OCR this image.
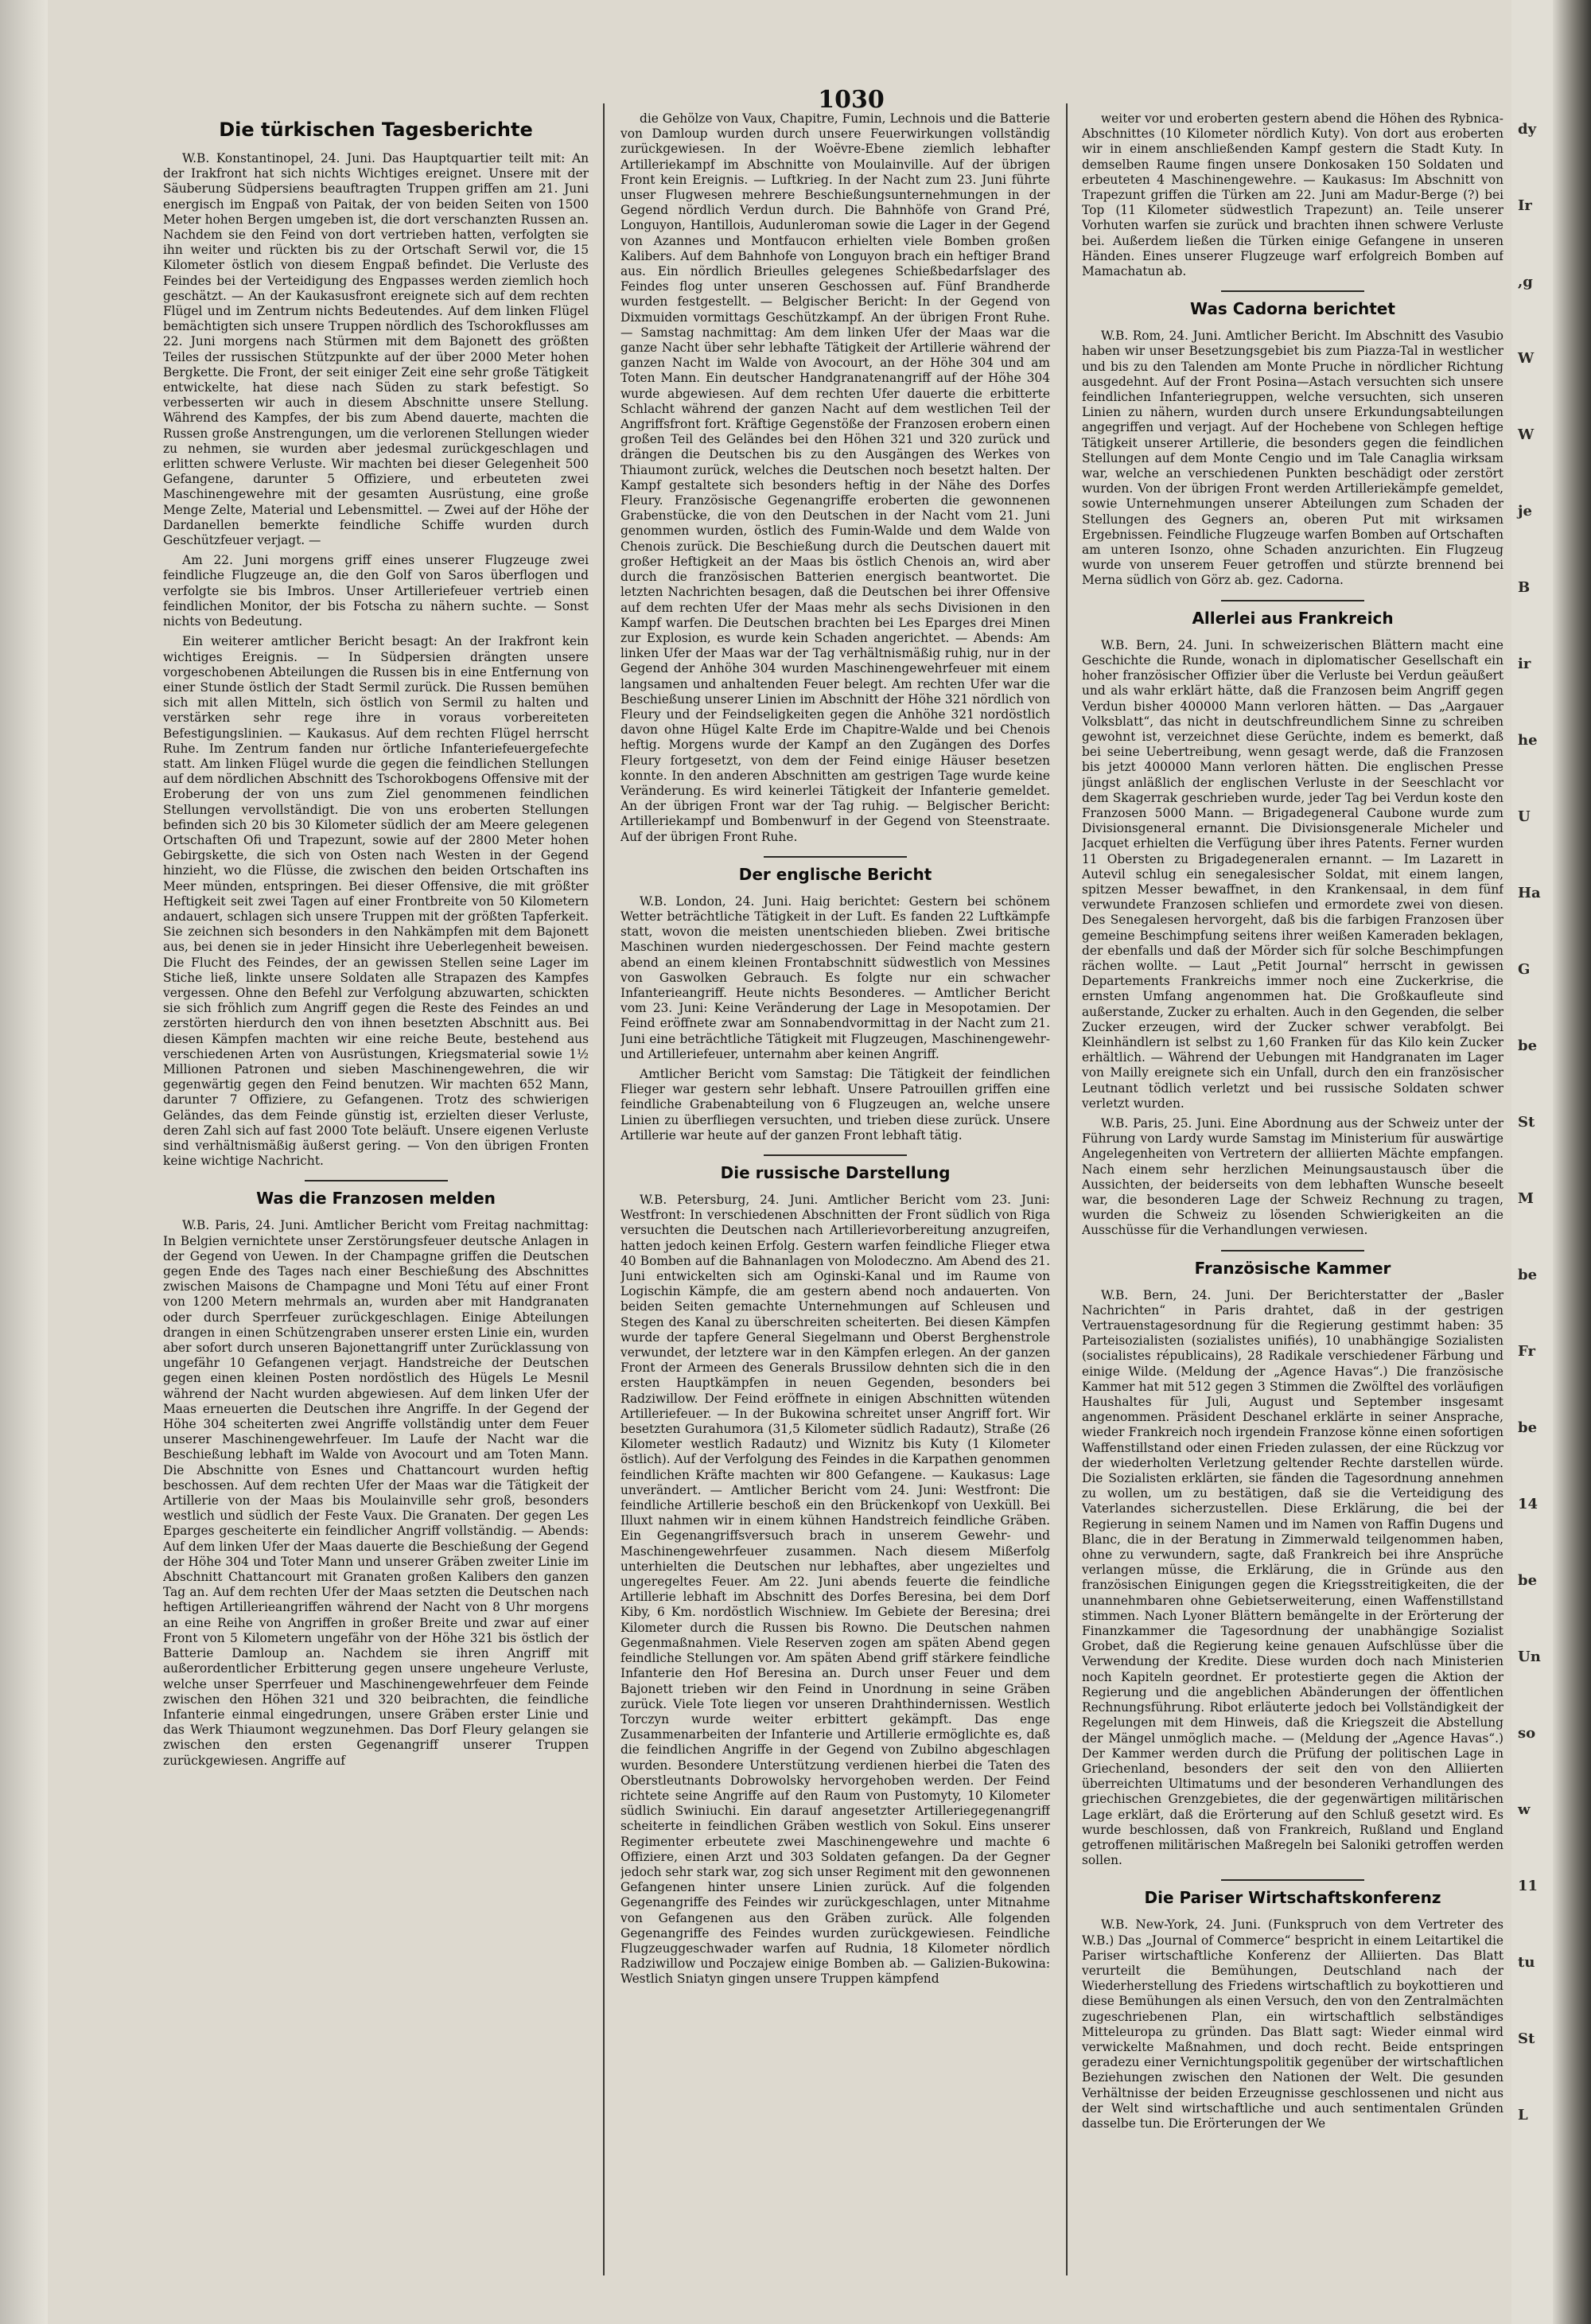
1030
Die türkischen Tagesberichte

W.B. Konstantinopel, 24. Juni. Das Hauptquartier teilt mit: An der Irakfront hat sich nichts Wichtiges ereignet. Unsere mit der Säuberung Südpersiens beauftragten Truppen griffen am 21. Juni energisch im Engpaß von Paitak, der von beiden Seiten von 1500 Meter hohen Bergen umgeben ist, die dort verschanzten Russen an. Nachdem sie den Feind von dort vertrieben hatten, verfolgten sie ihn weiter und rückten bis zu der Ortschaft Serwil vor, die 15 Kilometer östlich von diesem Engpaß befindet. Die Verluste des Feindes bei der Verteidigung des Engpasses werden ziemlich hoch geschätzt. — An der Kaukasusfront ereignete sich auf dem rechten Flügel und im Zentrum nichts Bedeutendes. Auf dem linken Flügel bemächtigten sich unsere Truppen nördlich des Tschorokflusses am 22. Juni morgens nach Stürmen mit dem Bajonett des größten Teiles der russischen Stützpunkte auf der über 2000 Meter hohen Bergkette. Die Front, der seit einiger Zeit eine sehr große Tätigkeit entwickelte, hat diese nach Süden zu stark befestigt. So verbesserten wir auch in diesem Abschnitte unsere Stellung. Während des Kampfes, der bis zum Abend dauerte, machten die Russen große Anstrengungen, um die verlorenen Stellungen wieder zu nehmen, sie wurden aber jedesmal zurückgeschlagen und erlitten schwere Verluste. Wir machten bei dieser Gelegenheit 500 Gefangene, darunter 5 Offiziere, und erbeuteten zwei Maschinengewehre mit der gesamten Ausrüstung, eine große Menge Zelte, Material und Lebensmittel. — Zwei auf der Höhe der Dardanellen bemerkte feindliche Schiffe wurden durch Geschützfeuer verjagt. —

Am 22. Juni morgens griff eines unserer Flugzeuge zwei feindliche Flugzeuge an, die den Golf von Saros überflogen und verfolgte sie bis Imbros. Unser Artilleriefeuer vertrieb einen feindlichen Monitor, der bis Fotscha zu nähern suchte. — Sonst nichts von Bedeutung.

Ein weiterer amtlicher Bericht besagt: An der Irakfront kein wichtiges Ereignis. — In Südpersien drängten unsere vorgeschobenen Abteilungen die Russen bis in eine Entfernung von einer Stunde östlich der Stadt Sermil zurück. Die Russen bemühen sich mit allen Mitteln, sich östlich von Sermil zu halten und verstärken sehr rege ihre in voraus vorbereiteten Befestigungslinien. — Kaukasus. Auf dem rechten Flügel herrscht Ruhe. Im Zentrum fanden nur örtliche Infanteriefeuergefechte statt. Am linken Flügel wurde die gegen die feindlichen Stellungen auf dem nördlichen Abschnitt des Tschorokbogens Offensive mit der Eroberung der von uns zum Ziel genommenen feindlichen Stellungen vervollständigt. Die von uns eroberten Stellungen befinden sich 20 bis 30 Kilometer südlich der am Meere gelegenen Ortschaften Ofi und Trapezunt, sowie auf der 2800 Meter hohen Gebirgskette, die sich von Osten nach Westen in der Gegend hinzieht, wo die Flüsse, die zwischen den beiden Ortschaften ins Meer münden, entspringen. Bei dieser Offensive, die mit größter Heftigkeit seit zwei Tagen auf einer Frontbreite von 50 Kilometern andauert, schlagen sich unsere Truppen mit der größten Tapferkeit. Sie zeichnen sich besonders in den Nahkämpfen mit dem Bajonett aus, bei denen sie in jeder Hinsicht ihre Ueberlegenheit beweisen. Die Flucht des Feindes, der an gewissen Stellen seine Lager im Stiche ließ, linkte unsere Soldaten alle Strapazen des Kampfes vergessen. Ohne den Befehl zur Verfolgung abzuwarten, schickten sie sich fröhlich zum Angriff gegen die Reste des Feindes an und zerstörten hierdurch den von ihnen besetzten Abschnitt aus. Bei diesen Kämpfen machten wir eine reiche Beute, bestehend aus verschiedenen Arten von Ausrüstungen, Kriegsmaterial sowie 1½ Millionen Patronen und sieben Maschinengewehren, die wir gegenwärtig gegen den Feind benutzen. Wir machten 652 Mann, darunter 7 Offiziere, zu Gefangenen. Trotz des schwierigen Geländes, das dem Feinde günstig ist, erzielten dieser Verluste, deren Zahl sich auf fast 2000 Tote beläuft. Unsere eigenen Verluste sind verhältnismäßig äußerst gering. — Von den übrigen Fronten keine wichtige Nachricht.

Was die Franzosen melden

W.B. Paris, 24. Juni. Amtlicher Bericht vom Freitag nachmittag: In Belgien vernichtete unser Zerstörungsfeuer deutsche Anlagen in der Gegend von Uewen. In der Champagne griffen die Deutschen gegen Ende des Tages nach einer Beschießung des Abschnittes zwischen Maisons de Champagne und Moni Tétu auf einer Front von 1200 Metern mehrmals an, wurden aber mit Handgranaten oder durch Sperrfeuer zurückgeschlagen. Einige Abteilungen drangen in einen Schützengraben unserer ersten Linie ein, wurden aber sofort durch unseren Bajonettangriff unter Zurücklassung von ungefähr 10 Gefangenen verjagt. Handstreiche der Deutschen gegen einen kleinen Posten nordöstlich des Hügels Le Mesnil während der Nacht wurden abgewiesen. Auf dem linken Ufer der Maas erneuerten die Deutschen ihre Angriffe. In der Gegend der Höhe 304 scheiterten zwei Angriffe vollständig unter dem Feuer unserer Maschinengewehrfeuer. Im Laufe der Nacht war die Beschießung lebhaft im Walde von Avocourt und am Toten Mann. Die Abschnitte von Esnes und Chattancourt wurden heftig beschossen. Auf dem rechten Ufer der Maas war die Tätigkeit der Artillerie von der Maas bis Moulainville sehr groß, besonders westlich und südlich der Feste Vaux. Die Granaten. Der gegen Les Eparges gescheiterte ein feindlicher Angriff vollständig. — Abends: Auf dem linken Ufer der Maas dauerte die Beschießung der Gegend der Höhe 304 und Toter Mann und unserer Gräben zweiter Linie im Abschnitt Chattancourt mit Granaten großen Kalibers den ganzen Tag an. Auf dem rechten Ufer der Maas setzten die Deutschen nach heftigen Artillerieangriffen während der Nacht von 8 Uhr morgens an eine Reihe von Angriffen in großer Breite und zwar auf einer Front von 5 Kilometern ungefähr von der Höhe 321 bis östlich der Batterie Damloup an. Nachdem sie ihren Angriff mit außerordentlicher Erbitterung gegen unsere ungeheure Verluste, welche unser Sperrfeuer und Maschinengewehrfeuer dem Feinde zwischen den Höhen 321 und 320 beibrachten, die feindliche Infanterie einmal eingedrungen, unsere Gräben erster Linie und das Werk Thiaumont wegzunehmen. Das Dorf Fleury gelangen sie zwischen den ersten Gegenangriff unserer Truppen zurückgewiesen. Angriffe auf

die Gehölze von Vaux, Chapitre, Fumin, Lechnois und die Batterie von Damloup wurden durch unsere Feuerwirkungen vollständig zurückgewiesen. In der Woëvre-Ebene ziemlich lebhafter Artilleriekampf im Abschnitte von Moulainville. Auf der übrigen Front kein Ereignis. — Luftkrieg. In der Nacht zum 23. Juni führte unser Flugwesen mehrere Beschießungsunternehmungen in der Gegend nördlich Verdun durch. Die Bahnhöfe von Grand Pré, Longuyon, Hantillois, Audunleroman sowie die Lager in der Gegend von Azannes und Montfaucon erhielten viele Bomben großen Kalibers. Auf dem Bahnhofe von Longuyon brach ein heftiger Brand aus. Ein nördlich Brieulles gelegenes Schießbedarfslager des Feindes flog unter unseren Geschossen auf. Fünf Brandherde wurden festgestellt. — Belgischer Bericht: In der Gegend von Dixmuiden vormittags Geschützkampf. An der übrigen Front Ruhe. — Samstag nachmittag: Am dem linken Ufer der Maas war die ganze Nacht über sehr lebhafte Tätigkeit der Artillerie während der ganzen Nacht im Walde von Avocourt, an der Höhe 304 und am Toten Mann. Ein deutscher Handgranatenangriff auf der Höhe 304 wurde abgewiesen. Auf dem rechten Ufer dauerte die erbitterte Schlacht während der ganzen Nacht auf dem westlichen Teil der Angriffsfront fort. Kräftige Gegenstöße der Franzosen erobern einen großen Teil des Geländes bei den Höhen 321 und 320 zurück und drängen die Deutschen bis zu den Ausgängen des Werkes von Thiaumont zurück, welches die Deutschen noch besetzt halten. Der Kampf gestaltete sich besonders heftig in der Nähe des Dorfes Fleury. Französische Gegenangriffe eroberten die gewonnenen Grabenstücke, die von den Deutschen in der Nacht vom 21. Juni genommen wurden, östlich des Fumin-Walde und dem Walde von Chenois zurück. Die Beschießung durch die Deutschen dauert mit großer Heftigkeit an der Maas bis östlich Chenois an, wird aber durch die französischen Batterien energisch beantwortet. Die letzten Nachrichten besagen, daß die Deutschen bei ihrer Offensive auf dem rechten Ufer der Maas mehr als sechs Divisionen in den Kampf warfen. Die Deutschen brachten bei Les Eparges drei Minen zur Explosion, es wurde kein Schaden angerichtet. — Abends: Am linken Ufer der Maas war der Tag verhältnismäßig ruhig, nur in der Gegend der Anhöhe 304 wurden Maschinengewehrfeuer mit einem langsamen und anhaltenden Feuer belegt. Am rechten Ufer war die Beschießung unserer Linien im Abschnitt der Höhe 321 nördlich von Fleury und der Feindseligkeiten gegen die Anhöhe 321 nordöstlich davon ohne Hügel Kalte Erde im Chapitre-Walde und bei Chenois heftig. Morgens wurde der Kampf an den Zugängen des Dorfes Fleury fortgesetzt, von dem der Feind einige Häuser besetzen konnte. In den anderen Abschnitten am gestrigen Tage wurde keine Veränderung. Es wird keinerlei Tätigkeit der Infanterie gemeldet. An der übrigen Front war der Tag ruhig. — Belgischer Bericht: Artilleriekampf und Bombenwurf in der Gegend von Steenstraate. Auf der übrigen Front Ruhe.

Der englische Bericht

W.B. London, 24. Juni. Haig berichtet: Gestern bei schönem Wetter beträchtliche Tätigkeit in der Luft. Es fanden 22 Luftkämpfe statt, wovon die meisten unentschieden blieben. Zwei britische Maschinen wurden niedergeschossen. Der Feind machte gestern abend an einem kleinen Frontabschnitt südwestlich von Messines von Gaswolken Gebrauch. Es folgte nur ein schwacher Infanterieangriff. Heute nichts Besonderes. — Amtlicher Bericht vom 23. Juni: Keine Veränderung der Lage in Mesopotamien. Der Feind eröffnete zwar am Sonnabendvormittag in der Nacht zum 21. Juni eine beträchtliche Tätigkeit mit Flugzeugen, Maschinengewehr- und Artilleriefeuer, unternahm aber keinen Angriff.

Amtlicher Bericht vom Samstag: Die Tätigkeit der feindlichen Flieger war gestern sehr lebhaft. Unsere Patrouillen griffen eine feindliche Grabenabteilung von 6 Flugzeugen an, welche unsere Linien zu überfliegen versuchten, und trieben diese zurück. Unsere Artillerie war heute auf der ganzen Front lebhaft tätig.

Die russische Darstellung

W.B. Petersburg, 24. Juni. Amtlicher Bericht vom 23. Juni: Westfront: In verschiedenen Abschnitten der Front südlich von Riga versuchten die Deutschen nach Artillerievorbereitung anzugreifen, hatten jedoch keinen Erfolg. Gestern warfen feindliche Flieger etwa 40 Bomben auf die Bahnanlagen von Molodeczno. Am Abend des 21. Juni entwickelten sich am Oginski-Kanal und im Raume von Logischin Kämpfe, die am gestern abend noch andauerten. Von beiden Seiten gemachte Unternehmungen auf Schleusen und Stegen des Kanal zu überschreiten scheiterten. Bei diesen Kämpfen wurde der tapfere General Siegelmann und Oberst Berghenstrole verwundet, der letztere war in den Kämpfen erlegen. An der ganzen Front der Armeen des Generals Brussilow dehnten sich die in den ersten Hauptkämpfen in neuen Gegenden, besonders bei Radziwillow. Der Feind eröffnete in einigen Abschnitten wütenden Artilleriefeuer. — In der Bukowina schreitet unser Angriff fort. Wir besetzten Gurahumora (31,5 Kilometer südlich Radautz), Straße (26 Kilometer westlich Radautz) und Wiznitz bis Kuty (1 Kilometer östlich). Auf der Verfolgung des Feindes in die Karpathen genommen feindlichen Kräfte machten wir 800 Gefangene. — Kaukasus: Lage unverändert. — Amtlicher Bericht vom 24. Juni: Westfront: Die feindliche Artillerie beschoß ein den Brückenkopf von Uexküll. Bei Illuxt nahmen wir in einem kühnen Handstreich feindliche Gräben. Ein Gegenangriffsversuch brach in unserem Gewehr- und Maschinengewehrfeuer zusammen. Nach diesem Mißerfolg unterhielten die Deutschen nur lebhaftes, aber ungezieltes und ungeregeltes Feuer. Am 22. Juni abends feuerte die feindliche Artillerie lebhaft im Abschnitt des Dorfes Beresina, bei dem Dorf Kiby, 6 Km. nordöstlich Wischniew. Im Gebiete der Beresina; drei Kilometer durch die Russen bis Rowno. Die Deutschen nahmen Gegenmaßnahmen. Viele Reserven zogen am späten Abend gegen feindliche Stellungen vor. Am späten Abend griff stärkere feindliche Infanterie den Hof Beresina an. Durch unser Feuer und dem Bajonett trieben wir den Feind in Unordnung in seine Gräben zurück. Viele Tote liegen vor unseren Drahthindernissen. Westlich Torczyn wurde weiter erbittert gekämpft. Das enge Zusammenarbeiten der Infanterie und Artillerie ermöglichte es, daß die feindlichen Angriffe in der Gegend von Zubilno abgeschlagen wurden. Besondere Unterstützung verdienen hierbei die Taten des Oberstleutnants Dobrowolsky hervorgehoben werden. Der Feind richtete seine Angriffe auf den Raum von Pustomyty, 10 Kilometer südlich Swiniuchi. Ein darauf angesetzter Artilleriegegenangriff scheiterte in feindlichen Gräben westlich von Sokul. Eins unserer Regimenter erbeutete zwei Maschinengewehre und machte 6 Offiziere, einen Arzt und 303 Soldaten gefangen. Da der Gegner jedoch sehr stark war, zog sich unser Regiment mit den gewonnenen Gefangenen hinter unsere Linien zurück. Auf die folgenden Gegenangriffe des Feindes wir zurückgeschlagen, unter Mitnahme von Gefangenen aus den Gräben zurück. Alle folgenden Gegenangriffe des Feindes wurden zurückgewiesen. Feindliche Flugzeuggeschwader warfen auf Rudnia, 18 Kilometer nördlich Radziwillow und Poczajew einige Bomben ab. — Galizien-Bukowina: Westlich Sniatyn gingen unsere Truppen kämpfend

weiter vor und eroberten gestern abend die Höhen des Rybnica-Abschnittes (10 Kilometer nördlich Kuty). Von dort aus eroberten wir in einem anschließenden Kampf gestern die Stadt Kuty. In demselben Raume fingen unsere Donkosaken 150 Soldaten und erbeuteten 4 Maschinengewehre. — Kaukasus: Im Abschnitt von Trapezunt griffen die Türken am 22. Juni am Madur-Berge (?) bei Top (11 Kilometer südwestlich Trapezunt) an. Teile unserer Vorhuten warfen sie zurück und brachten ihnen schwere Verluste bei. Außerdem ließen die Türken einige Gefangene in unseren Händen. Eines unserer Flugzeuge warf erfolgreich Bomben auf Mamachatun ab.

Was Cadorna berichtet

W.B. Rom, 24. Juni. Amtlicher Bericht. Im Abschnitt des Vasubio haben wir unser Besetzungsgebiet bis zum Piazza-Tal in westlicher und bis zu den Talenden am Monte Pruche in nördlicher Richtung ausgedehnt. Auf der Front Posina—Astach versuchten sich unsere feindlichen Infanteriegruppen, welche versuchten, sich unseren Linien zu nähern, wurden durch unsere Erkundungsabteilungen angegriffen und verjagt. Auf der Hochebene von Schlegen heftige Tätigkeit unserer Artillerie, die besonders gegen die feindlichen Stellungen auf dem Monte Cengio und im Tale Canaglia wirksam war, welche an verschiedenen Punkten beschädigt oder zerstört wurden. Von der übrigen Front werden Artilleriekämpfe gemeldet, sowie Unternehmungen unserer Abteilungen zum Schaden der Stellungen des Gegners an, oberen Put mit wirksamen Ergebnissen. Feindliche Flugzeuge warfen Bomben auf Ortschaften am unteren Isonzo, ohne Schaden anzurichten. Ein Flugzeug wurde von unserem Feuer getroffen und stürzte brennend bei Merna südlich von Görz ab. gez. Cadorna.

Allerlei aus Frankreich

W.B. Bern, 24. Juni. In schweizerischen Blättern macht eine Geschichte die Runde, wonach in diplomatischer Gesellschaft ein hoher französischer Offizier über die Verluste bei Verdun geäußert und als wahr erklärt hätte, daß die Franzosen beim Angriff gegen Verdun bisher 400000 Mann verloren hätten. — Das „Aargauer Volksblatt“, das nicht in deutschfreundlichem Sinne zu schreiben gewohnt ist, verzeichnet diese Gerüchte, indem es bemerkt, daß bei seine Uebertreibung, wenn gesagt werde, daß die Franzosen bis jetzt 400000 Mann verloren hätten. Die englischen Presse jüngst anläßlich der englischen Verluste in der Seeschlacht vor dem Skagerrak geschrieben wurde, jeder Tag bei Verdun koste den Franzosen 5000 Mann. — Brigadegeneral Caubone wurde zum Divisionsgeneral ernannt. Die Divisionsgenerale Micheler und Jacquet erhielten die Verfügung über ihres Patents. Ferner wurden 11 Obersten zu Brigadegeneralen ernannt. — Im Lazarett in Autevil schlug ein senegalesischer Soldat, mit einem langen, spitzen Messer bewaffnet, in den Krankensaal, in dem fünf verwundete Franzosen schliefen und ermordete zwei von diesen. Des Senegalesen hervorgeht, daß bis die farbigen Franzosen über gemeine Beschimpfung seitens ihrer weißen Kameraden beklagen, der ebenfalls und daß der Mörder sich für solche Beschimpfungen rächen wollte. — Laut „Petit Journal“ herrscht in gewissen Departements Frankreichs immer noch eine Zuckerkrise, die ernsten Umfang angenommen hat. Die Großkaufleute sind außerstande, Zucker zu erhalten. Auch in den Gegenden, die selber Zucker erzeugen, wird der Zucker schwer verabfolgt. Bei Kleinhändlern ist selbst zu 1,60 Franken für das Kilo kein Zucker erhältlich. — Während der Uebungen mit Handgranaten im Lager von Mailly ereignete sich ein Unfall, durch den ein französischer Leutnant tödlich verletzt und bei russische Soldaten schwer verletzt wurden.

W.B. Paris, 25. Juni. Eine Abordnung aus der Schweiz unter der Führung von Lardy wurde Samstag im Ministerium für auswärtige Angelegenheiten von Vertretern der alliierten Mächte empfangen. Nach einem sehr herzlichen Meinungsaustausch über die Aussichten, der beiderseits von dem lebhaften Wunsche beseelt war, die besonderen Lage der Schweiz Rechnung zu tragen, wurden die Schweiz zu lösenden Schwierigkeiten an die Ausschüsse für die Verhandlungen verwiesen.

Französische Kammer

W.B. Bern, 24. Juni. Der Berichterstatter der „Basler Nachrichten“ in Paris drahtet, daß in der gestrigen Vertrauenstagesordnung für die Regierung gestimmt haben: 35 Parteisozialisten (sozialistes unifiés), 10 unabhängige Sozialisten (socialistes républicains), 28 Radikale verschiedener Färbung und einige Wilde. (Meldung der „Agence Havas“.) Die französische Kammer hat mit 512 gegen 3 Stimmen die Zwölftel des vorläufigen Haushaltes für Juli, August und September insgesamt angenommen. Präsident Deschanel erklärte in seiner Ansprache, wieder Frankreich noch irgendein Franzose könne einen sofortigen Waffenstillstand oder einen Frieden zulassen, der eine Rückzug vor der wiederholten Verletzung geltender Rechte darstellen würde. Die Sozialisten erklärten, sie fänden die Tagesordnung annehmen zu wollen, um zu bestätigen, daß sie die Verteidigung des Vaterlandes sicherzustellen. Diese Erklärung, die bei der Regierung in seinem Namen und im Namen von Raffin Dugens und Blanc, die in der Beratung in Zimmerwald teilgenommen haben, ohne zu verwundern, sagte, daß Frankreich bei ihre Ansprüche verlangen müsse, die Erklärung, die in Gründe aus den französischen Einigungen gegen die Kriegsstreitigkeiten, die der unannehmbaren ohne Gebietserweiterung, einen Waffenstillstand stimmen. Nach Lyoner Blättern bemängelte in der Erörterung der Finanzkammer die Tagesordnung der unabhängige Sozialist Grobet, daß die Regierung keine genauen Aufschlüsse über die Verwendung der Kredite. Diese wurden doch nach Ministerien noch Kapiteln geordnet. Er protestierte gegen die Aktion der Regierung und die angeblichen Abänderungen der öffentlichen Rechnungsführung. Ribot erläuterte jedoch bei Vollständigkeit der Regelungen mit dem Hinweis, daß die Kriegszeit die Abstellung der Mängel unmöglich mache. — (Meldung der „Agence Havas“.) Der Kammer werden durch die Prüfung der politischen Lage in Griechenland, besonders der seit den von den Alliierten überreichten Ultimatums und der besonderen Verhandlungen des griechischen Grenzgebietes, die der gegenwärtigen militärischen Lage erklärt, daß die Erörterung auf den Schluß gesetzt wird. Es wurde beschlossen, daß von Frankreich, Rußland und England getroffenen militärischen Maßregeln bei Saloniki getroffen werden sollen.

Die Pariser Wirtschaftskonferenz

W.B. New-York, 24. Juni. (Funkspruch von dem Vertreter des W.B.) Das „Journal of Commerce“ bespricht in einem Leitartikel die Pariser wirtschaftliche Konferenz der Alliierten. Das Blatt verurteilt die Bemühungen, Deutschland nach der Wiederherstellung des Friedens wirtschaftlich zu boykottieren und diese Bemühungen als einen Versuch, den von den Zentralmächten zugeschriebenen Plan, ein wirtschaftlich selbständiges Mitteleuropa zu gründen. Das Blatt sagt: Wieder einmal wird verwickelte Maßnahmen, und doch recht. Beide entspringen geradezu einer Vernichtungspolitik gegenüber der wirtschaftlichen Beziehungen zwischen den Nationen der Welt. Die gesunden Verhältnisse der beiden Erzeugnisse geschlossenen und nicht aus der Welt sind wirtschaftliche und auch sentimentalen Gründen dasselbe tun. Die Erörterungen der We

dy
Ir
,g
W
W
je
B
ir
he
U
Ha
G
be
St
M
be
Fr
be
14
be
Un
so
w
11
tu
St
L
